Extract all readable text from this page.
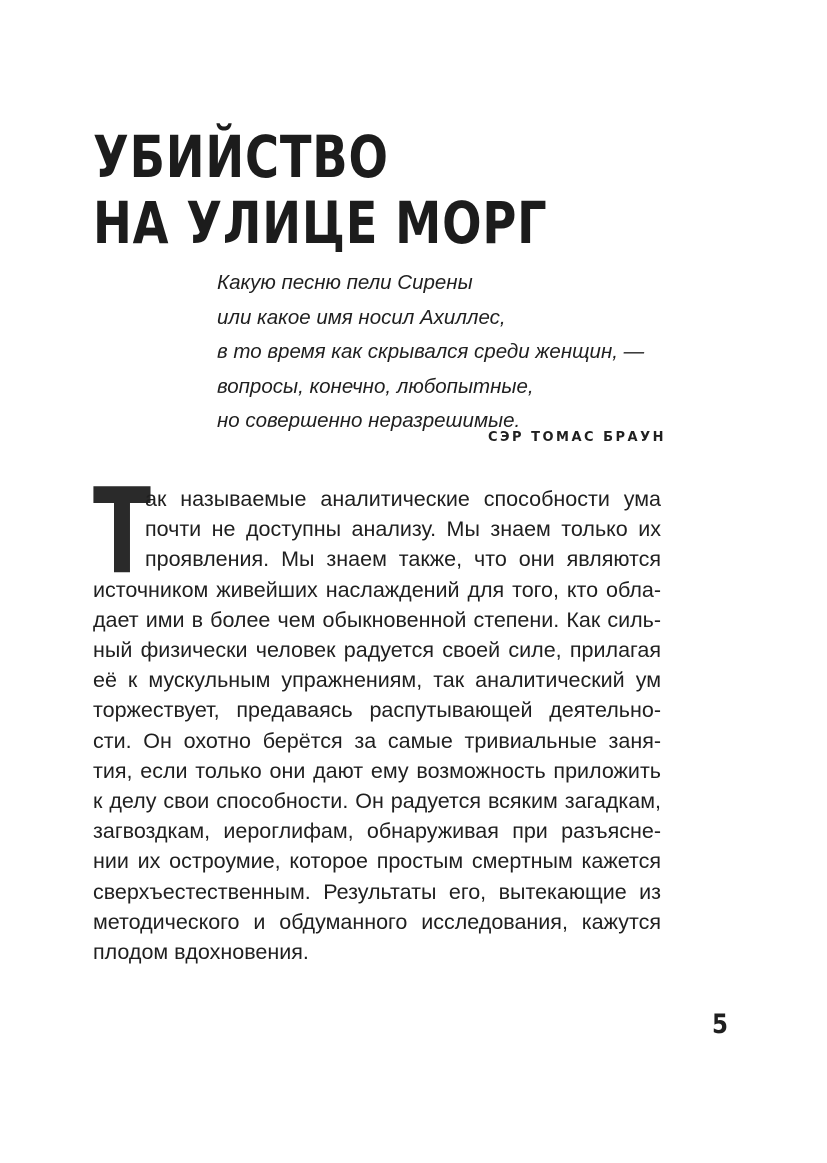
УБИЙСТВО
НА УЛИЦЕ МОРГ
Какую песню пели Сирены
или какое имя носил Ахиллес,
в то время как скрывался среди женщин, —
вопросы, конечно, любопытные,
но совершенно неразрешимые.
СЭР ТОМАС БРАУН
Т
ак называемые аналитические способности ума
почти не доступны анализу. Мы знаем только их
проявления. Мы знаем также, что они являются
источником живейших наслаждений для того, кто обла-
дает ими в более чем обыкновенной степени. Как силь-
ный физически человек радуется своей силе, прилагая
её к мускульным упражнениям, так аналитический ум
торжествует, предаваясь распутывающей деятельно-
сти. Он охотно берётся за самые тривиальные заня-
тия, если только они дают ему возможность приложить
к делу свои способности. Он радуется всяким загадкам,
загвоздкам, иероглифам, обнаруживая при разъясне-
нии их остроумие, которое простым смертным кажется
сверхъестественным. Результаты его, вытекающие из
методического и обдуманного исследования, кажутся
плодом вдохновения.
5
